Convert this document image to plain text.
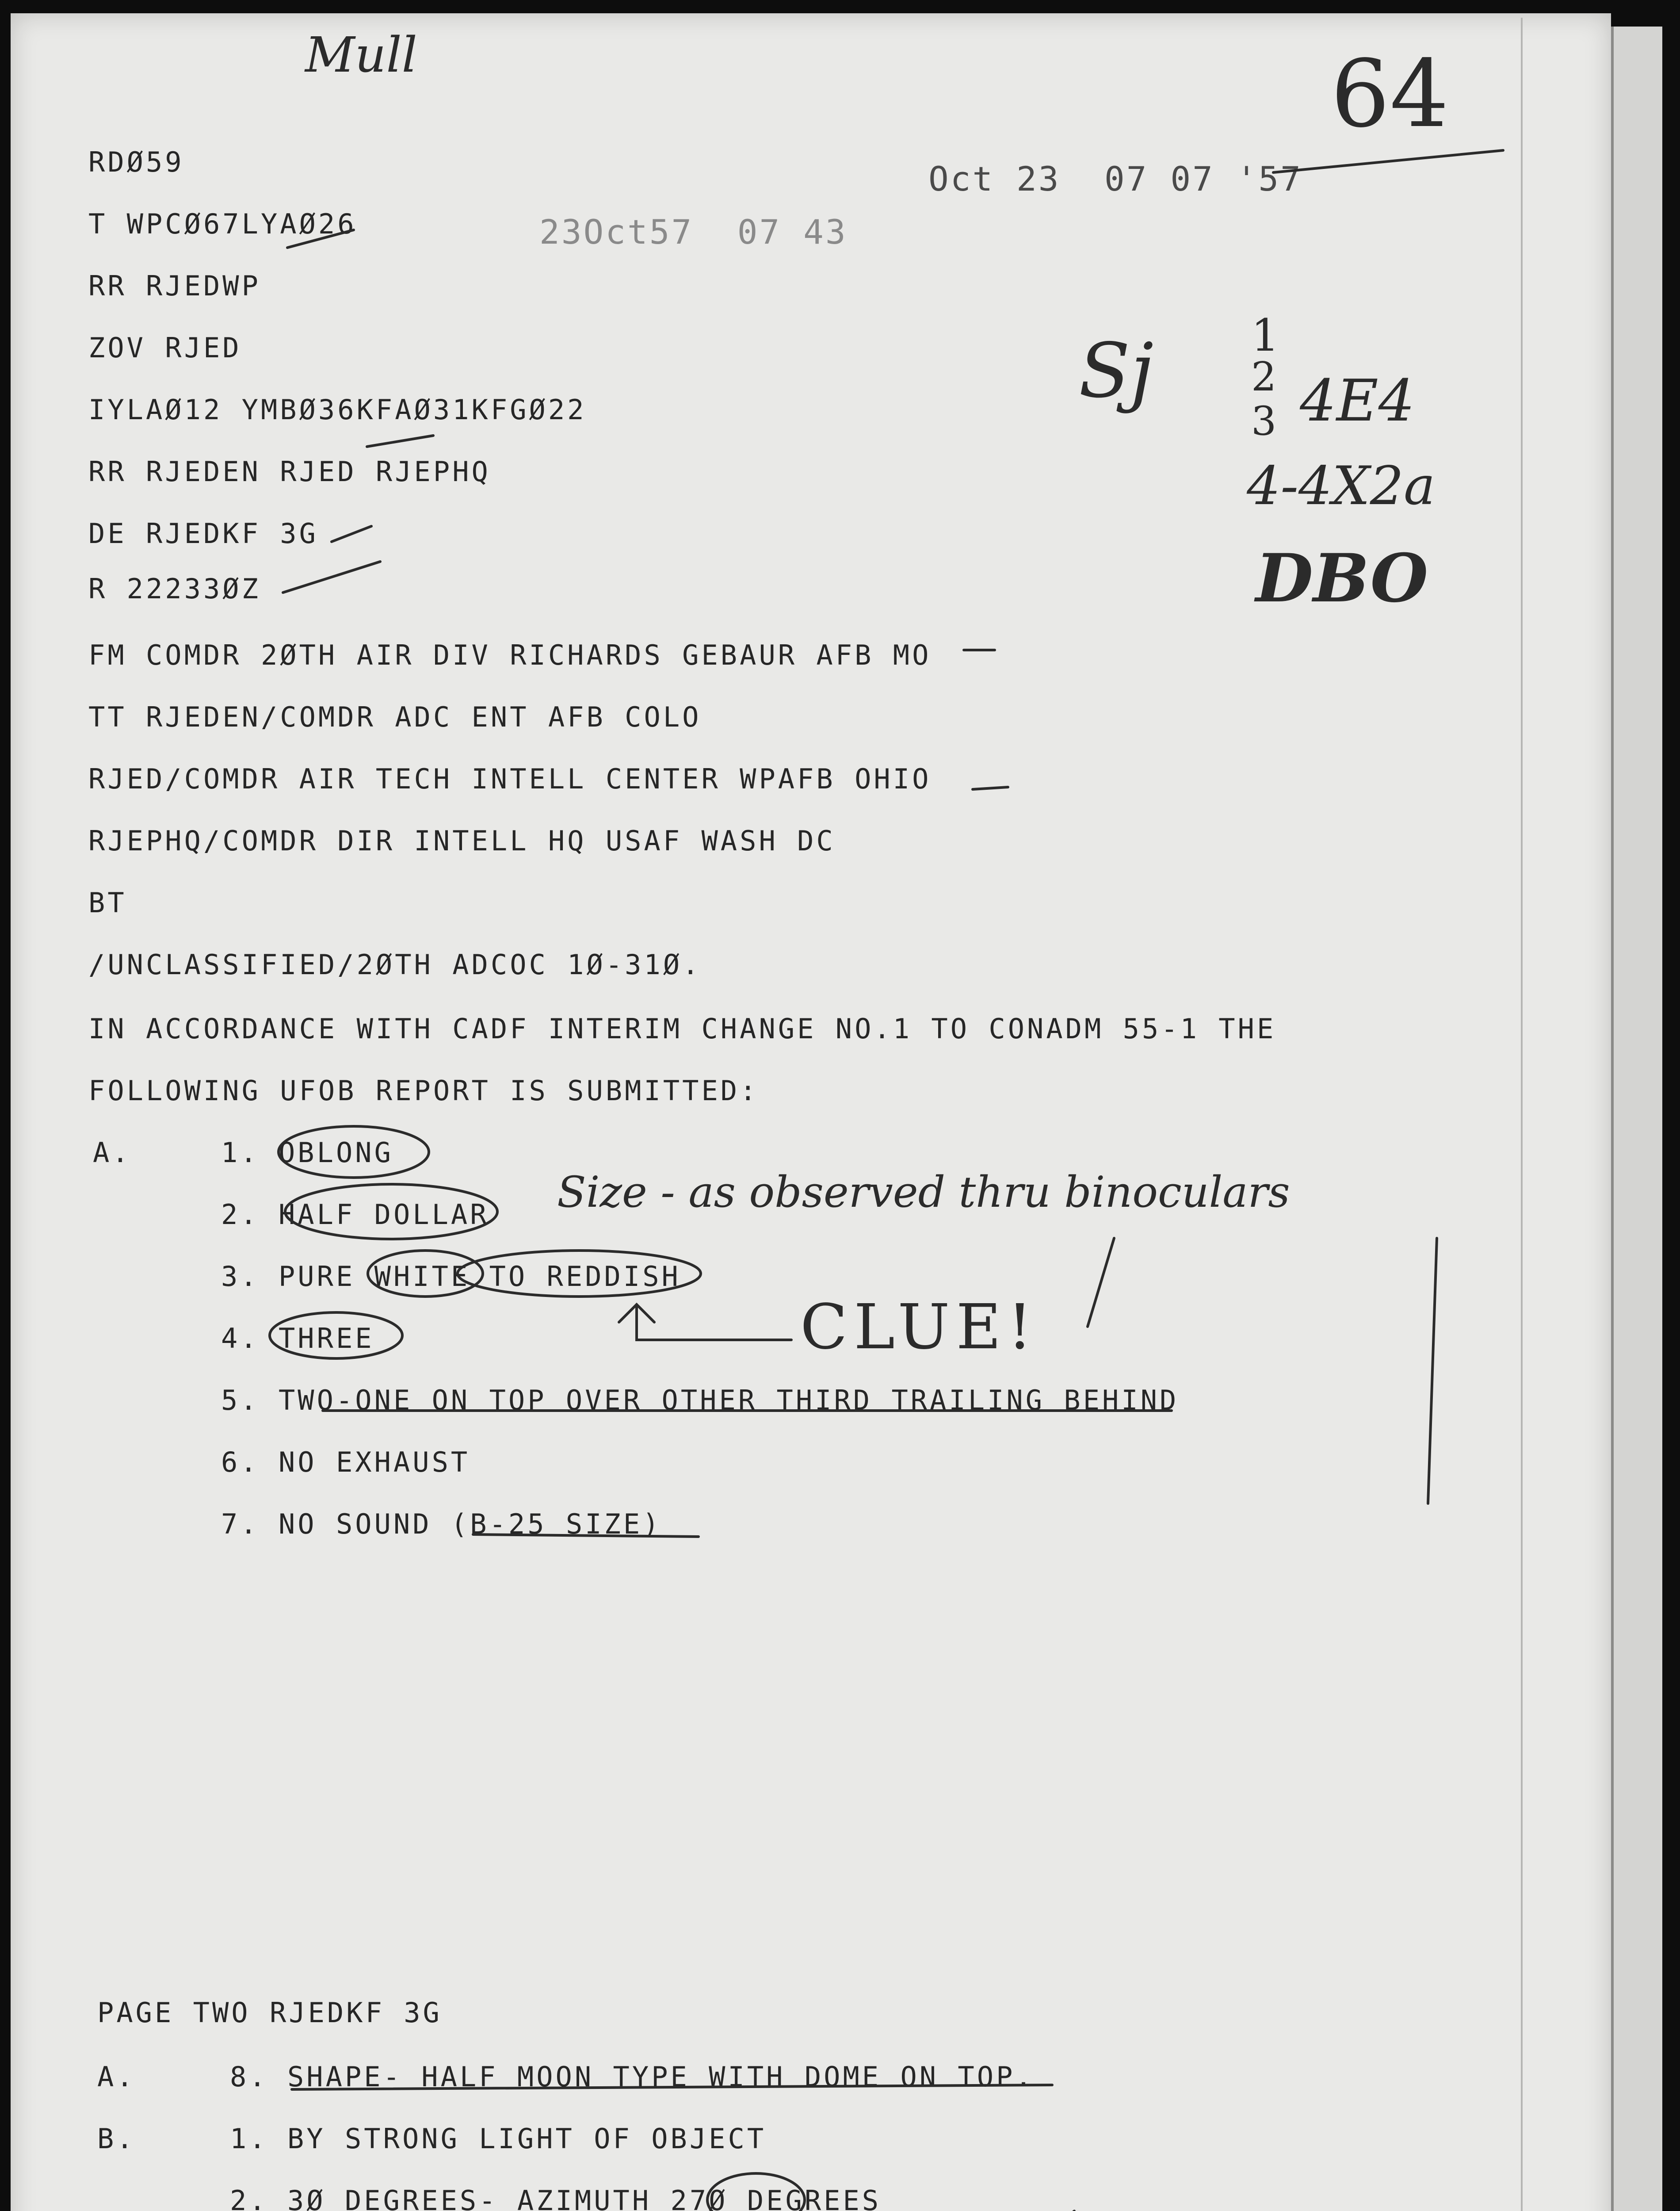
Mull	64

Oct 23  07 07 '57

23Oct57  07 43

RDØ59

T WPCØ67LYAØ26

RR RJEDWP

ZOV RJED

IYLAØ12 YMBØ36KFAØ31KFGØ22

RR RJEDEN RJED RJEPHQ

DE RJEDKF 3G

R 22233ØZ

FM COMDR 2ØTH AIR DIV RICHARDS GEBAUR AFB MO

TT RJEDEN/COMDR ADC ENT AFB COLO

RJED/COMDR AIR TECH INTELL CENTER WPAFB OHIO

RJEPHQ/COMDR DIR INTELL HQ USAF WASH DC

BT

/UNCLASSIFIED/2ØTH ADCOC 1Ø-31Ø.

IN ACCORDANCE WITH CADF INTERIM CHANGE NO.1 TO CONADM 55-1 THE

FOLLOWING UFOB REPORT IS SUBMITTED:

A.	1. OBLONG

2. HALF DOLLAR

3. PURE WHITE TO REDDISH

4. THREE

5. TWO-ONE ON TOP OVER OTHER THIRD TRAILING BEHIND

6. NO EXHAUST

7. NO SOUND (B-25 SIZE)

PAGE TWO RJEDKF 3G

A.	8. SHAPE- HALF MOON TYPE WITH DOME ON TOP.

B.	1. BY STRONG LIGHT OF OBJECT

2. 3Ø DEGREES- AZIMUTH 27Ø DEGREES

1

2

3 4E4

4-4X2a

DBO

Sj

Size - as observed thru binoculars

CLUE!
